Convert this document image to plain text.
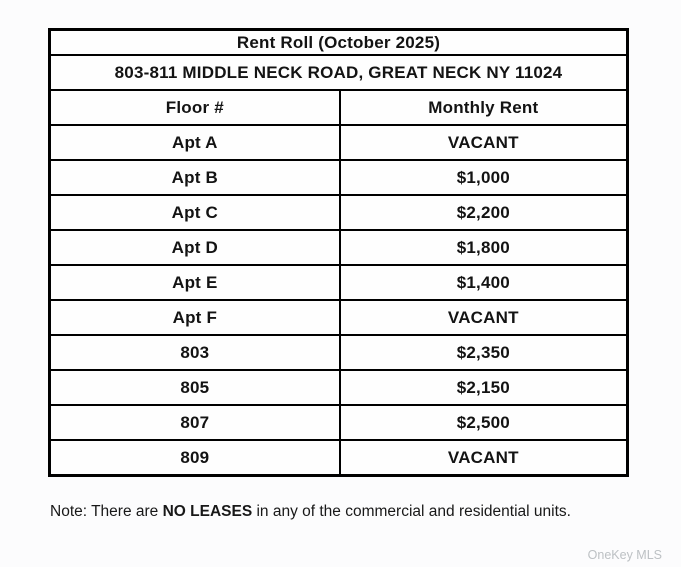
Rent Roll (October 2025)	
803-811 MIDDLE NECK ROAD, GREAT NECK NY 11024	
Floor #	Monthly Rent
Apt A	VACANT
Apt B	$1,000
Apt C	$2,200
Apt D	$1,800
Apt E	$1,400
Apt F	VACANT
803	$2,350
805	$2,150
807	$2,500
809	VACANT

Note: There are NO LEASES in any of the commercial and residential units.

OneKey MLS
